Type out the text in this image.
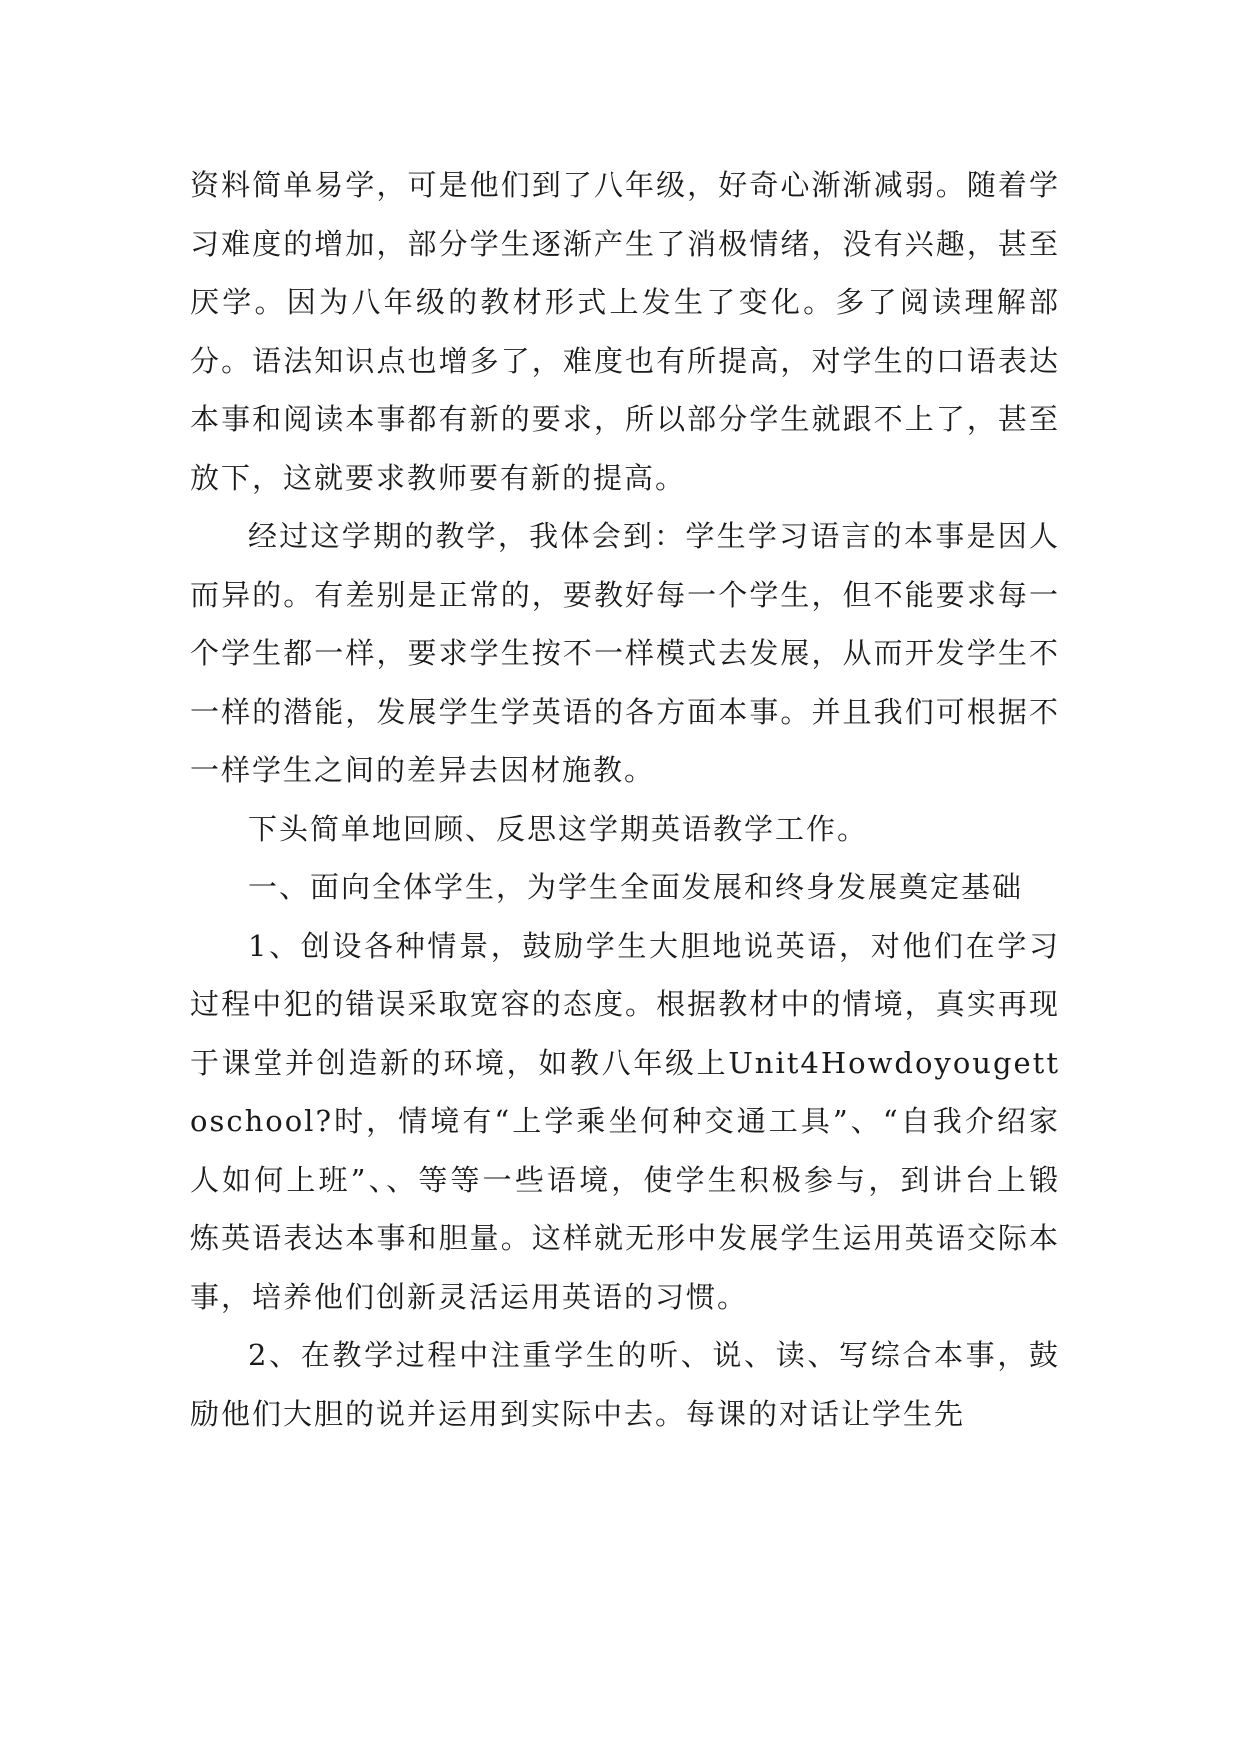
资料简单易学，可是他们到了八年级，好奇心渐渐减弱。随着学习难度的增加，部分学生逐渐产生了消极情绪，没有兴趣，甚至厌学。因为八年级的教材形式上发生了变化。多了阅读理解部分。语法知识点也增多了，难度也有所提高，对学生的口语表达本事和阅读本事都有新的要求，所以部分学生就跟不上了，甚至放下，这就要求教师要有新的提高。

经过这学期的教学，我体会到：学生学习语言的本事是因人而异的。有差别是正常的，要教好每一个学生，但不能要求每一个学生都一样，要求学生按不一样模式去发展，从而开发学生不一样的潜能，发展学生学英语的各方面本事。并且我们可根据不一样学生之间的差异去因材施教。

下头简单地回顾、反思这学期英语教学工作。

一、面向全体学生，为学生全面发展和终身发展奠定基础

1、创设各种情景，鼓励学生大胆地说英语，对他们在学习过程中犯的错误采取宽容的态度。根据教材中的情境，真实再现于课堂并创造新的环境，如教八年级上Unit4Howdoyougettoschool?时，情境有“上学乘坐何种交通工具”、“自我介绍家人如何上班”、、等等一些语境，使学生积极参与，到讲台上锻炼英语表达本事和胆量。这样就无形中发展学生运用英语交际本事，培养他们创新灵活运用英语的习惯。

2、在教学过程中注重学生的听、说、读、写综合本事，鼓励他们大胆的说并运用到实际中去。每课的对话让学生先
